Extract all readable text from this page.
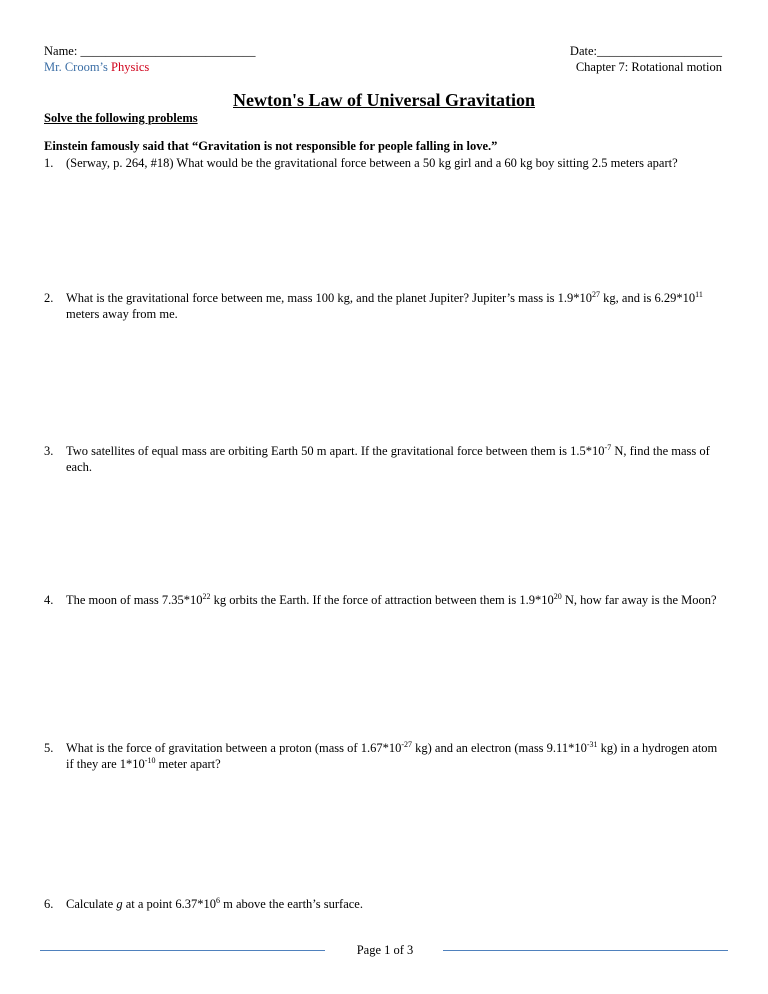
Name: ____________________________
Mr. Croom’s Physics
Date:____________________
Chapter 7: Rotational motion
Newton's Law of Universal Gravitation
Solve the following problems
Einstein famously said that “Gravitation is not responsible for people falling in love.”
1. (Serway, p. 264, #18) What would be the gravitational force between a 50 kg girl and a 60 kg boy sitting 2.5 meters apart?
2. What is the gravitational force between me, mass 100 kg, and the planet Jupiter? Jupiter’s mass is $1.9*10^{27}$ kg, and is $6.29*10^{11}$ meters away from me.
3. Two satellites of equal mass are orbiting Earth 50 m apart. If the gravitational force between them is $1.5*10^{-7}$ N, find the mass of each.
4. The moon of mass $7.35*10^{22}$ kg orbits the Earth. If the force of attraction between them is $1.9*10^{20}$ N, how far away is the Moon?
5. What is the force of gravitation between a proton (mass of $1.67*10^{-27}$ kg) and an electron (mass $9.11*10^{-31}$ kg) in a hydrogen atom if they are $1*10^{-10}$ meter apart?
6. Calculate g at a point $6.37*10^6$ m above the earth’s surface.
Page 1 of 3
